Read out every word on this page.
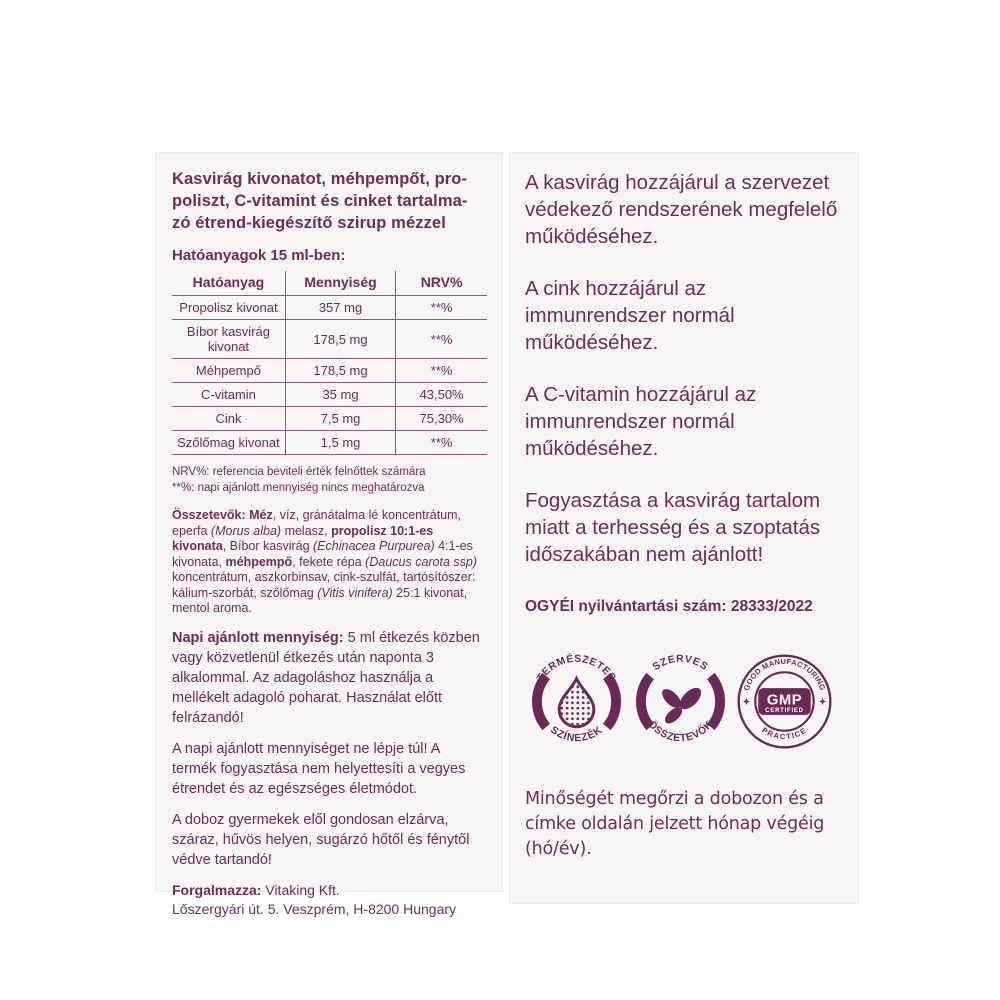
Kasvirág kivonatot, méhpempőt, pro-
poliszt, C-vitamint és cinket tartalma-
zó étrend-kiegészítő szirup mézzel
Hatóanyagok 15 ml-ben:
Hatóanyag	Mennyiség	NRV%
Propolisz kivonat	357 mg	**%
Bíbor kasvirág kivonat	178,5 mg	**%
Méhpempő	178,5 mg	**%
C-vitamin	35 mg	43,50%
Cink	7,5 mg	75,30%
Szőlőmag kivonat	1,5 mg	**%
NRV%: referencia beviteli érték felnőttek számára
**%: napi ajánlott mennyiség nincs meghatározva
Összetevők: Méz, víz, gránátalma lé koncentrátum, eperfa (Morus alba) melasz, propolisz 10:1-es kivonata, Bíbor kasvirág (Echinacea Purpurea) 4:1-es kivonata, méhpempő, fekete répa (Daucus carota ssp) koncentrátum, aszkorbinsav, cink-szulfát, tartósítószer: kálium-szorbát, szőlőmag (Vitis vinifera) 25:1 kivonat, mentol aroma.
Napi ajánlott mennyiség: 5 ml étkezés közben vagy közvetlenül étkezés után naponta 3 alkalommal. Az adagoláshoz használja a mellékelt adagoló poharat. Használat előtt felrázandó!
A napi ajánlott mennyiséget ne lépje túl! A termék fogyasztása nem helyettesíti a vegyes étrendet és az egészséges életmódot.
A doboz gyermekek elől gondosan elzárva, száraz, hűvös helyen, sugárzó hőtől és fénytől védve tartandó!
Forgalmazza: Vitaking Kft.
Lőszergyári út. 5. Veszprém, H-8200 Hungary

A kasvirág hozzájárul a szervezet védekező rendszerének megfelelő működéséhez.

A cink hozzájárul az immunrendszer normál működéséhez.

A C-vitamin hozzájárul az immunrendszer normál működéséhez.

Fogyasztása a kasvirág tartalom miatt a terhesség és a szoptatás időszakában nem ajánlott!

OGYÉI nyilvántartási szám: 28333/2022
TERMÉSZETES
SZÍNEZÉK
SZERVES
ÖSSZETEVŐK
GOOD MANUFACTURING
PRACTICE
GMP
CERTIFIED

Minőségét megőrzi a dobozon és a címke oldalán jelzett hónap végéig (hó/év).
